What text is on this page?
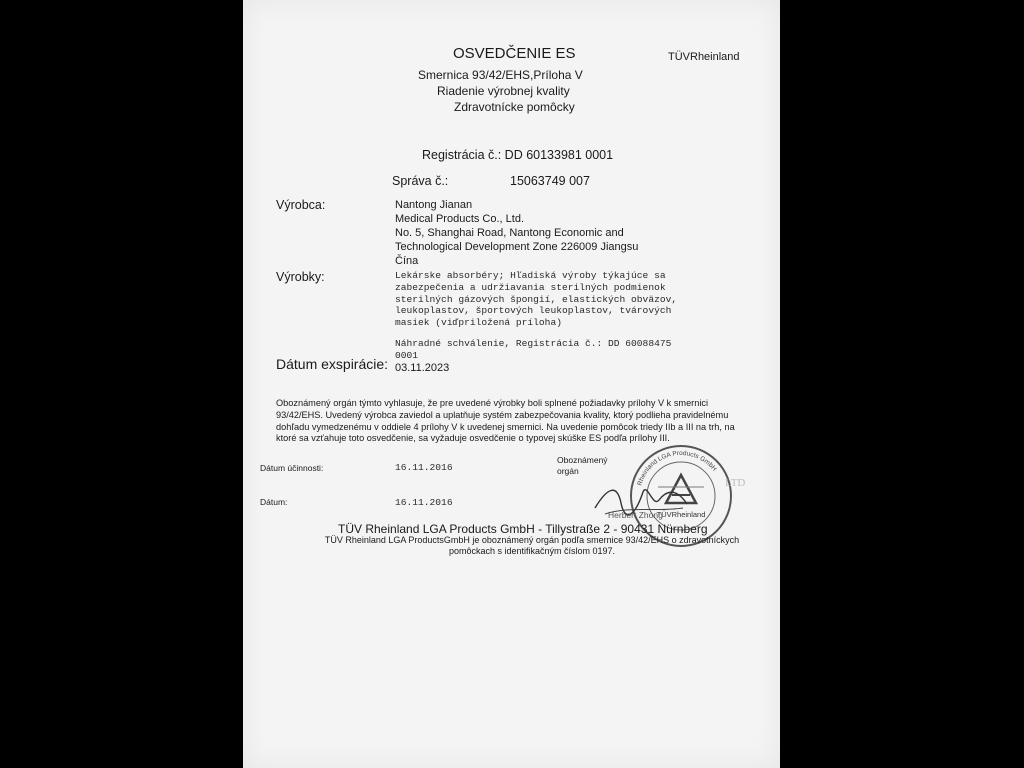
OSVEDČENIE ES	TÜVRheinland

Smernica 93/42/EHS,Príloha V

Riadenie výrobnej kvality

Zdravotnícke pomôcky

Registrácia č.: DD 60133981 0001

Správa č.:	15063749 007

Výrobca:	Nantong Jianan
Medical Products Co., Ltd.
No. 5, Shanghai Road, Nantong Economic and
Technological Development Zone 226009 Jiangsu
Čína

Výrobky:	Lekárske absorbéry; Hľadiská výroby týkajúce sa
zabezpečenia a udržiavania sterilných podmienok
sterilných gázových špongií, elastických obväzov,
leukoplastov, športových leukoplastov, tvárových
masiek (viďpriložená príloha)
Náhradné schválenie, Registrácia č.: DD 60088475
0001

Dátum exspirácie: 03.11.2023

Oboznámený orgán týmto vyhlasuje, že pre uvedené výrobky boli splnené požiadavky prílohy V k smernici
93/42/EHS. Uvedený výrobca zaviedol a uplatňuje systém zabezpečovania kvality, ktorý podlieha pravidelnému
dohľadu vymedzenému v oddiele 4 prílohy V k uvedenej smernici. Na uvedenie pomôcok triedy IIb a III na trh, na
ktoré sa vzťahuje toto osvedčenie, sa vyžaduje osvedčenie o typovej skúške ES podľa prílohy III.

Dátum účinnosti:	16.11.2016

Dátum:	16.11.2016

Oboznámený
orgán
TÜVRheinland
Rheinland LGA Products GmbH

Herbert Zhong

LTD

TÜV Rheinland LGA Products GmbH - Tillystraße 2 - 90431 Nürnberg

TÜV Rheinland LGA ProductsGmbH je oboznámený orgán podľa smernice 93/42/EHS o zdravotníckych pomôckach s identifikačným číslom 0197.
